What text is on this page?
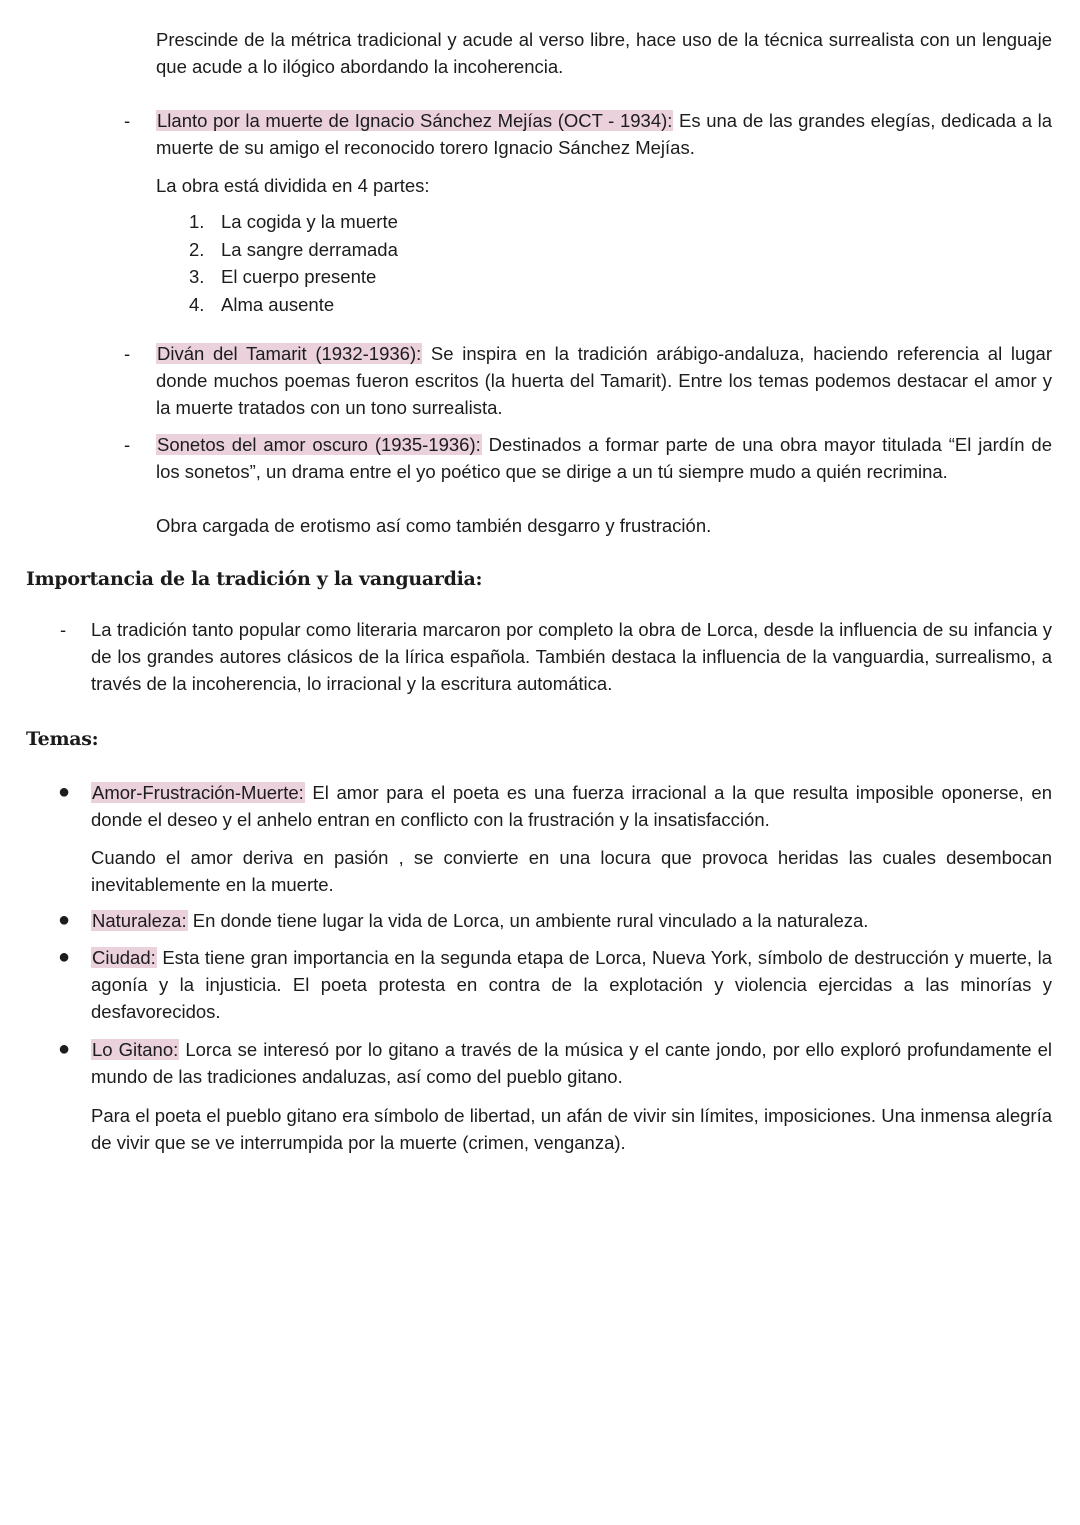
Prescinde de la métrica tradicional y acude al verso libre, hace uso de la técnica surrealista con un lenguaje que acude a lo ilógico abordando la incoherencia.
-	Llanto por la muerte de Ignacio Sánchez Mejías (OCT - 1934): Es una de las grandes elegías, dedicada a la muerte de su amigo el reconocido torero Ignacio Sánchez Mejías.
La obra está dividida en 4 partes:
1. La cogida y la muerte
2. La sangre derramada
3. El cuerpo presente
4. Alma ausente
-	Diván del Tamarit (1932-1936): Se inspira en la tradición arábigo-andaluza, haciendo referencia al lugar donde muchos poemas fueron escritos (la huerta del Tamarit). Entre los temas podemos destacar el amor y la muerte tratados con un tono surrealista.
-	Sonetos del amor oscuro (1935-1936): Destinados a formar parte de una obra mayor titulada “El jardín de los sonetos”, un drama entre el yo poético que se dirige a un tú siempre mudo a quién recrimina.
Obra cargada de erotismo así como también desgarro y frustración.
Importancia de la tradición y la vanguardia:
-	La tradición tanto popular como literaria marcaron por completo la obra de Lorca, desde la influencia de su infancia y de los grandes autores clásicos de la lírica española. También destaca la influencia de la vanguardia, surrealismo, a través de la incoherencia, lo irracional y la escritura automática.
Temas:
● Amor-Frustración-Muerte: El amor para el poeta es una fuerza irracional a la que resulta imposible oponerse, en donde el deseo y el anhelo entran en conflicto con la frustración y la insatisfacción.
Cuando el amor deriva en pasión , se convierte en una locura que provoca heridas las cuales desembocan inevitablemente en la muerte.
● Naturaleza: En donde tiene lugar la vida de Lorca, un ambiente rural vinculado a la naturaleza.
● Ciudad: Esta tiene gran importancia en la segunda etapa de Lorca, Nueva York, símbolo de destrucción y muerte, la agonía y la injusticia. El poeta protesta en contra de la explotación y violencia ejercidas a las minorías y desfavorecidos.
● Lo Gitano: Lorca se interesó por lo gitano a través de la música y el cante jondo, por ello exploró profundamente el mundo de las tradiciones andaluzas, así como del pueblo gitano.
Para el poeta el pueblo gitano era símbolo de libertad, un afán de vivir sin límites, imposiciones. Una inmensa alegría de vivir que se ve interrumpida por la muerte (crimen, venganza).
